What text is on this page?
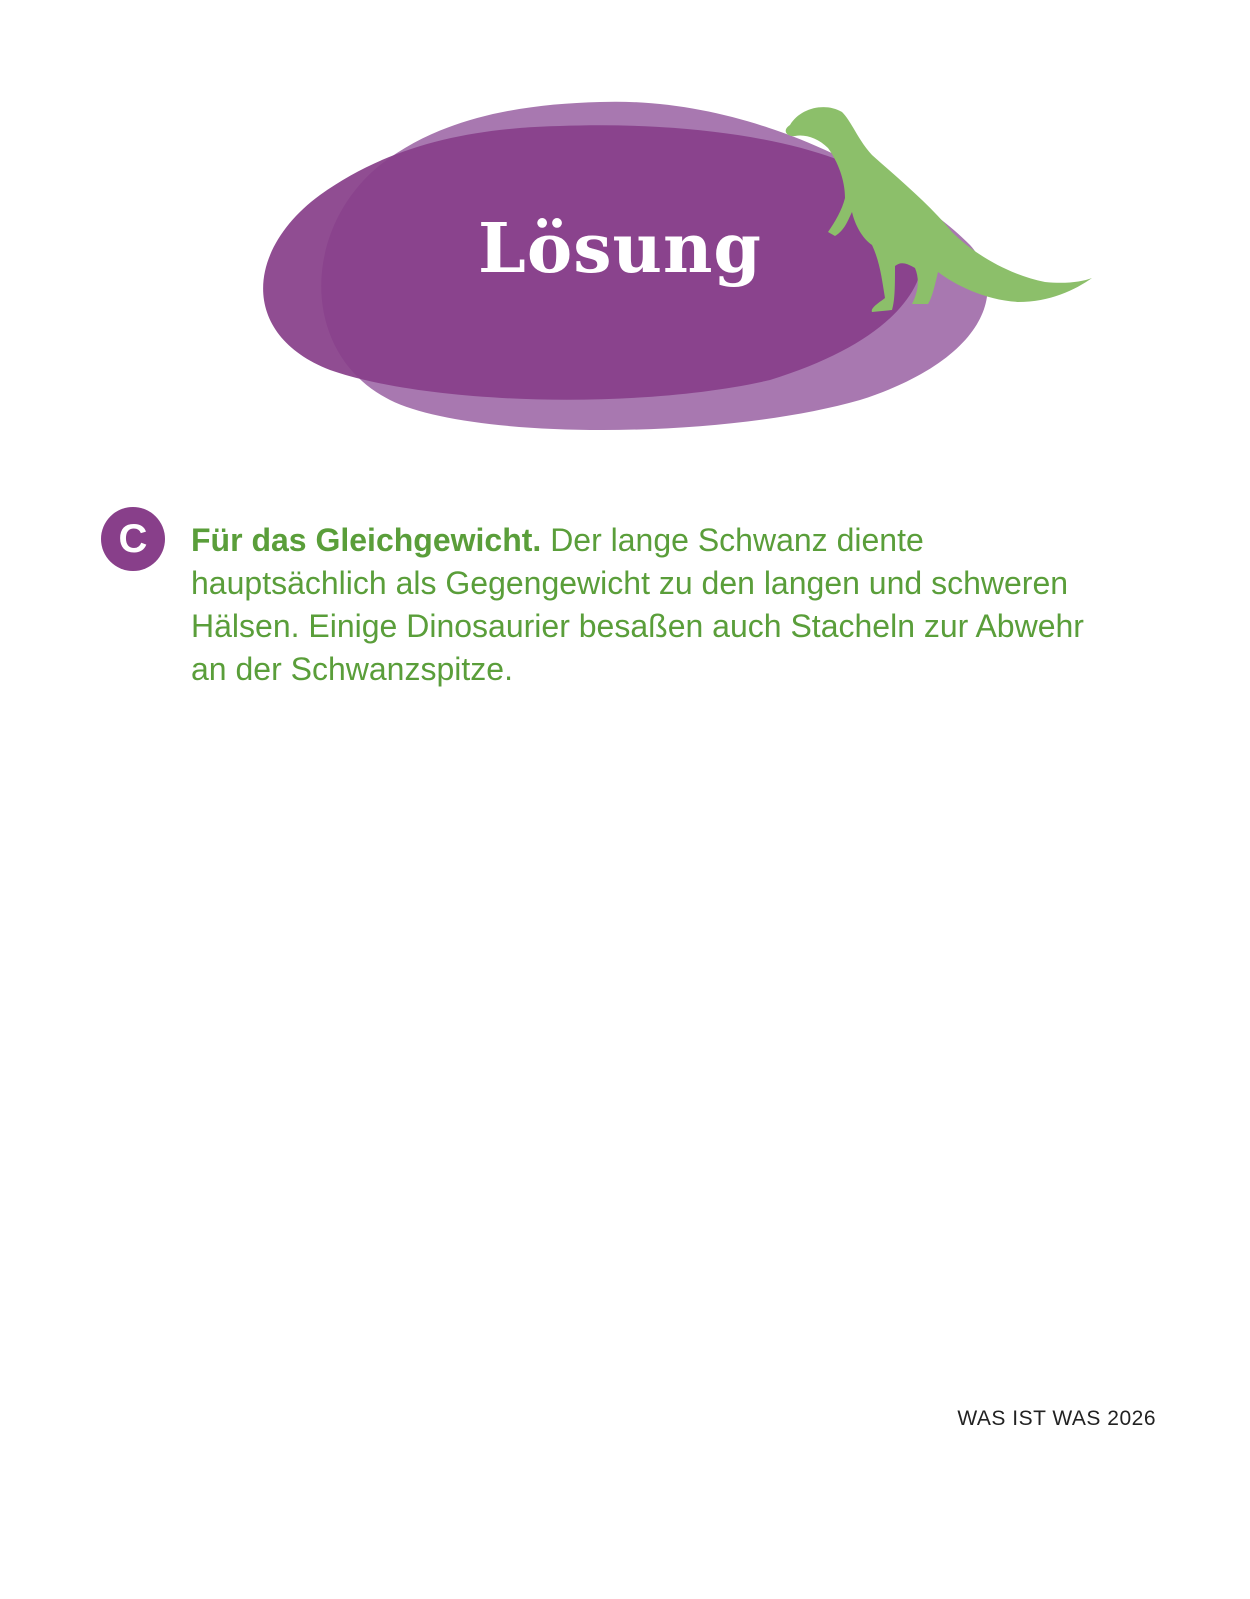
Lösung
C	Für das Gleichgewicht. Der lange Schwanz diente hauptsächlich als Gegengewicht zu den langen und schweren Hälsen. Einige Dinosaurier besaßen auch Stacheln zur Abwehr an der Schwanzspitze.

WAS IST WAS 2026
